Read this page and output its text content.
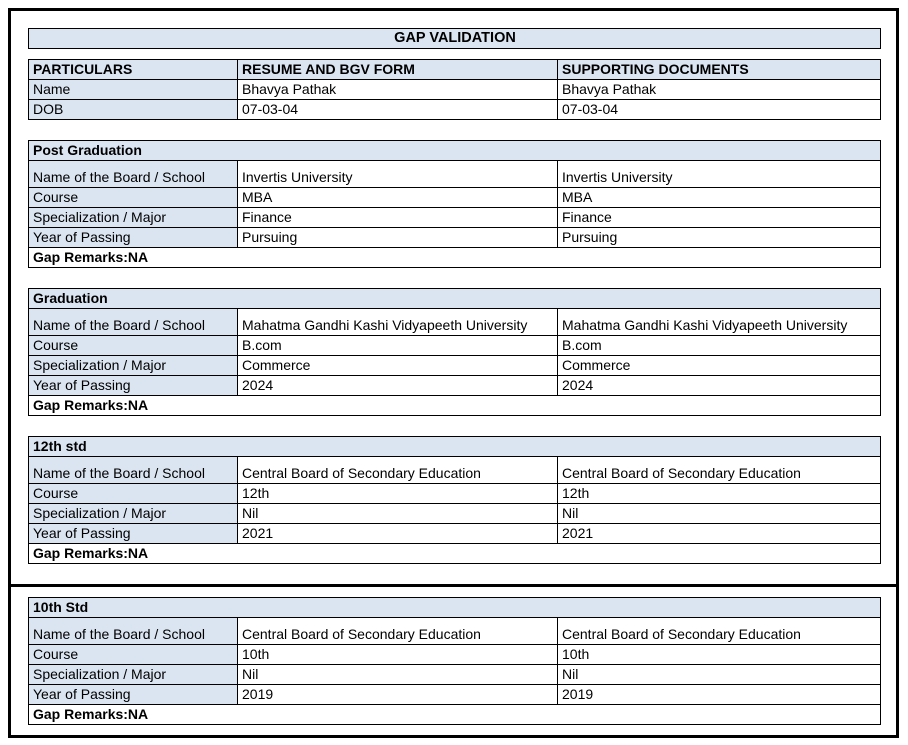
GAP VALIDATION
PARTICULARS	RESUME AND BGV FORM	SUPPORTING DOCUMENTS
Name	Bhavya Pathak	Bhavya Pathak
DOB	07-03-04	07-03-04
Post Graduation		
Name of the Board / School	Invertis University	Invertis University
Course	MBA	MBA
Specialization / Major	Finance	Finance
Year of Passing	Pursuing	Pursuing
Gap Remarks:NA		
Graduation		
Name of the Board / School	Mahatma Gandhi Kashi Vidyapeeth University	Mahatma Gandhi Kashi Vidyapeeth University
Course	B.com	B.com
Specialization / Major	Commerce	Commerce
Year of Passing	2024	2024
Gap Remarks:NA		
12th std		
Name of the Board / School	Central Board of Secondary Education	Central Board of Secondary Education
Course	12th	12th
Specialization / Major	Nil	Nil
Year of Passing	2021	2021
Gap Remarks:NA		
10th Std		
Name of the Board / School	Central Board of Secondary Education	Central Board of Secondary Education
Course	10th	10th
Specialization / Major	Nil	Nil
Year of Passing	2019	2019
Gap Remarks:NA		
